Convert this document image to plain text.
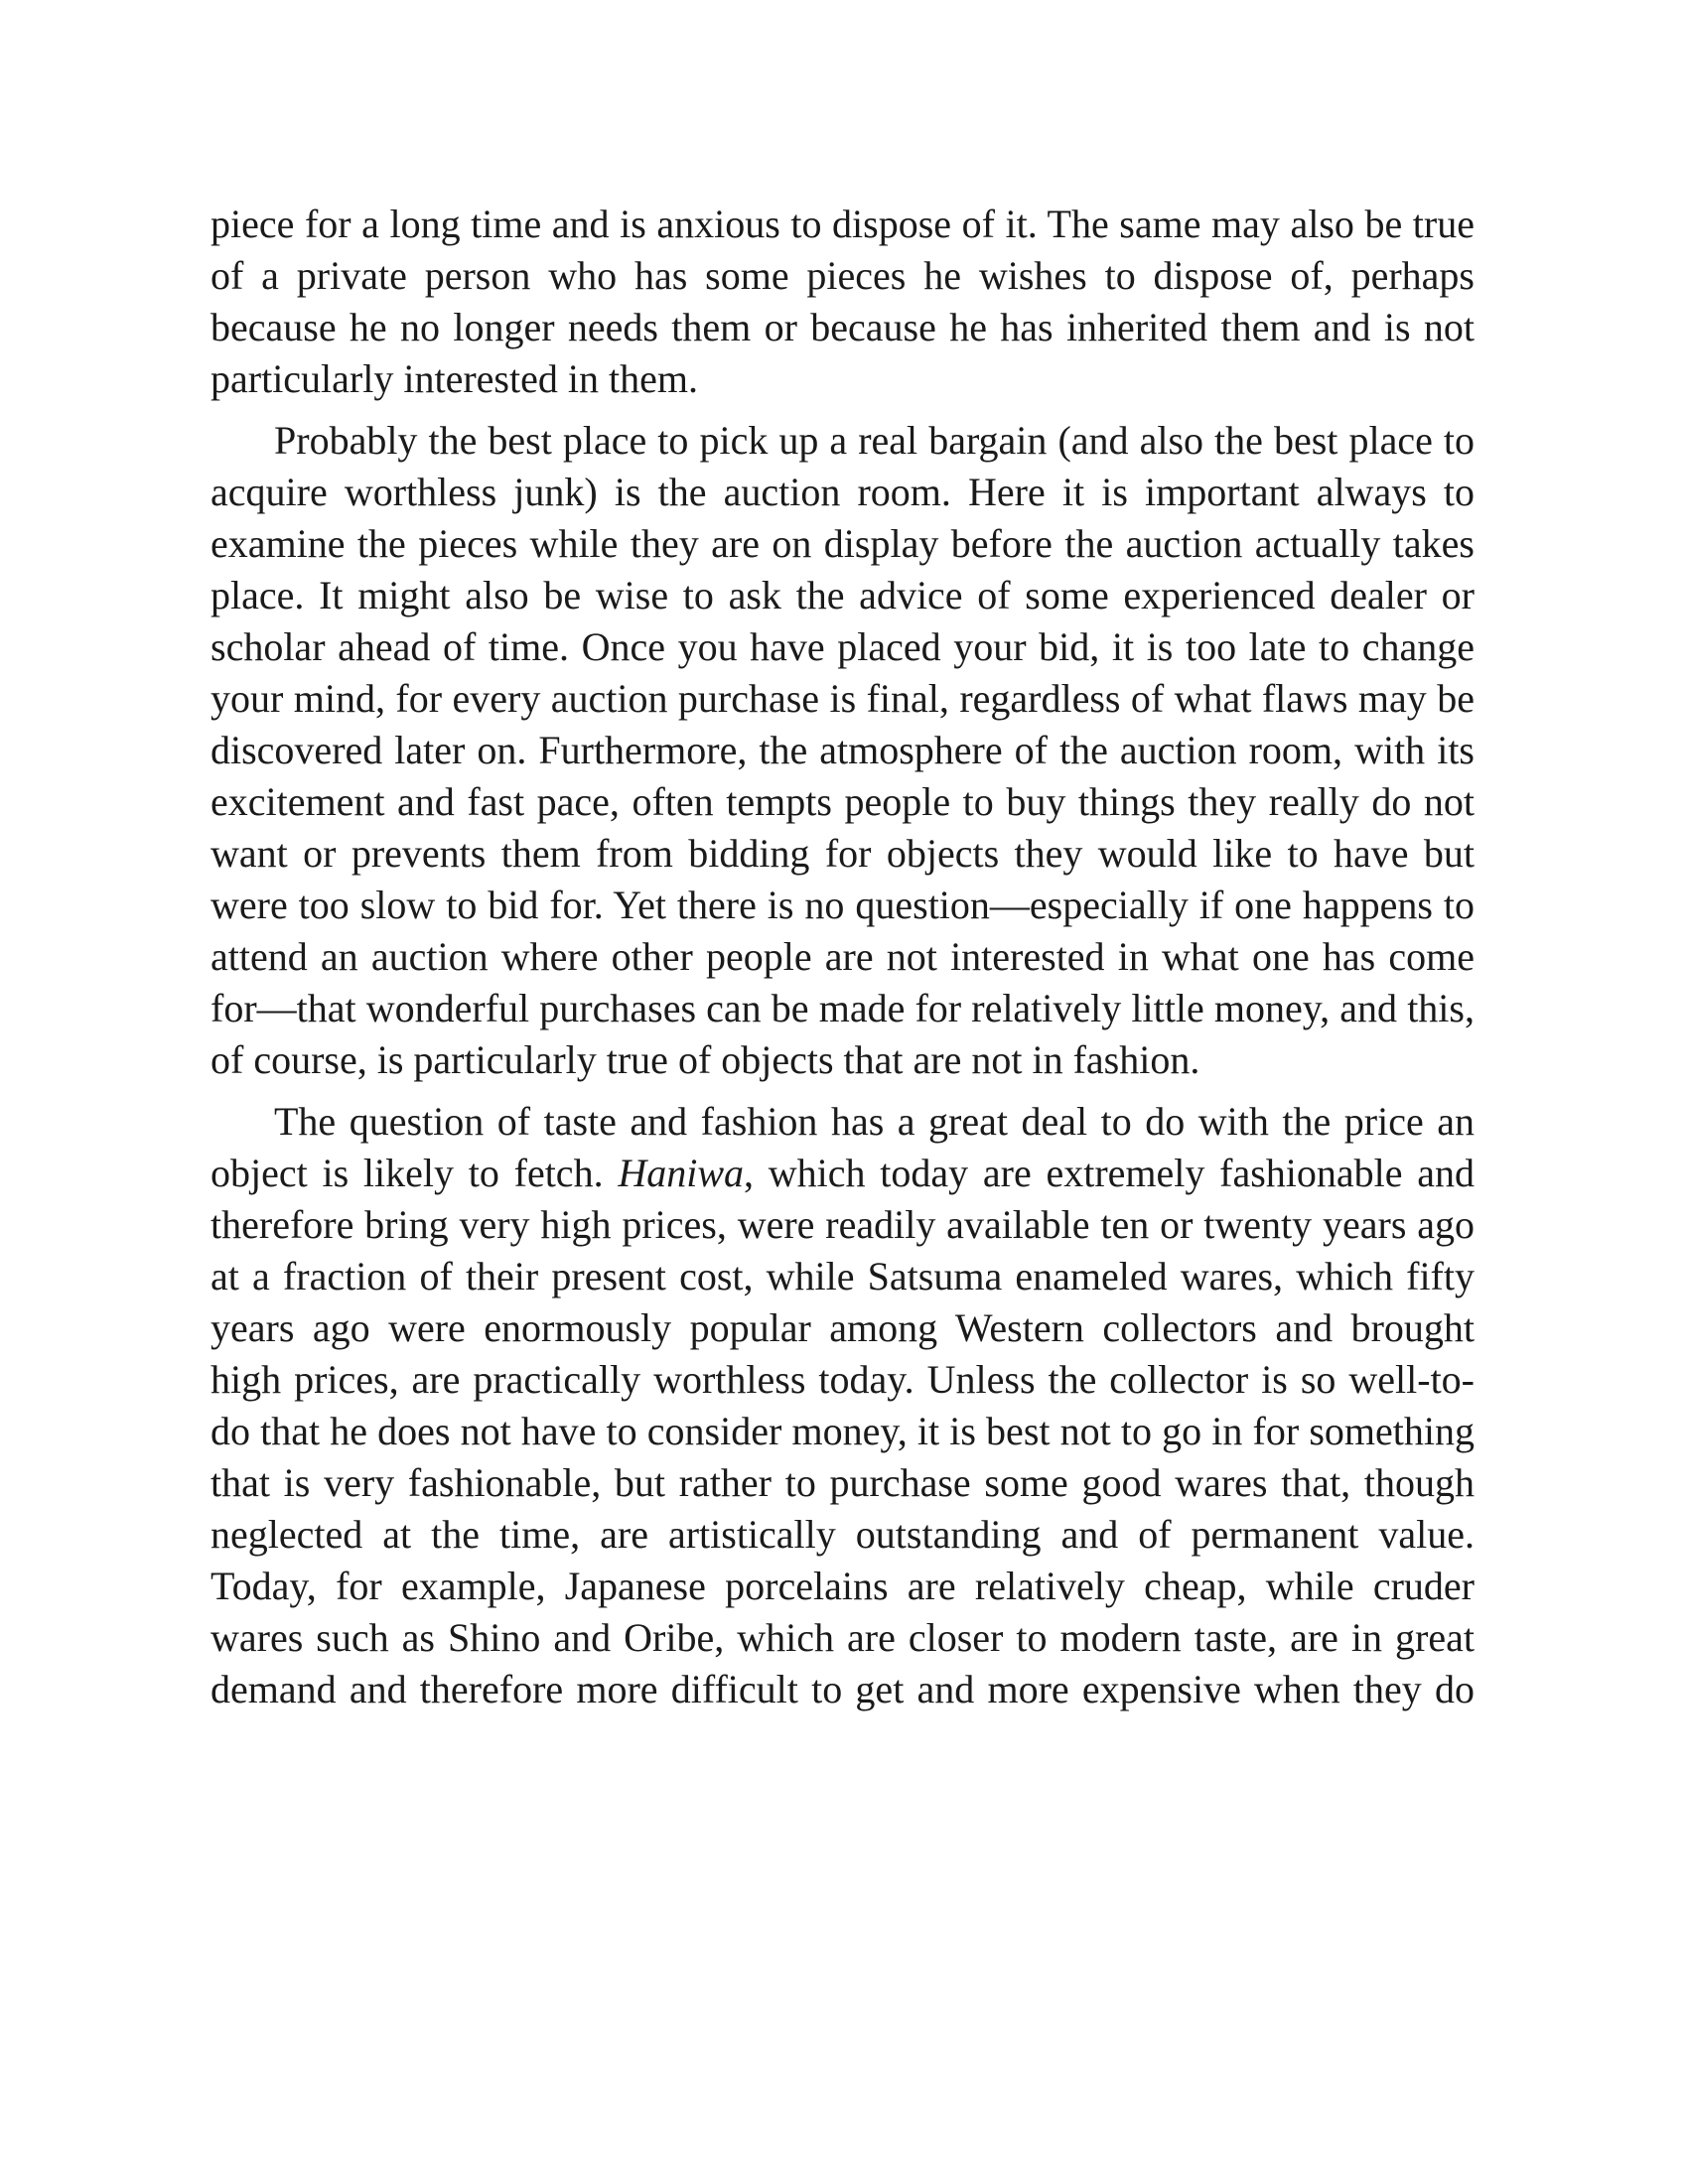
piece for a long time and is anxious to dispose of it. The same may also be true of a private person who has some pieces he wishes to dispose of, perhaps because he no longer needs them or because he has inherited them and is not particularly interested in them.

Probably the best place to pick up a real bargain (and also the best place to acquire worthless junk) is the auction room. Here it is important always to examine the pieces while they are on display before the auction actually takes place. It might also be wise to ask the advice of some experienced dealer or scholar ahead of time. Once you have placed your bid, it is too late to change your mind, for every auction purchase is final, regardless of what flaws may be discovered later on. Furthermore, the atmosphere of the auction room, with its excitement and fast pace, often tempts people to buy things they really do not want or prevents them from bidding for objects they would like to have but were too slow to bid for. Yet there is no question—especially if one happens to attend an auction where other people are not interested in what one has come for—that wonderful purchases can be made for relatively little money, and this, of course, is particularly true of objects that are not in fashion.

The question of taste and fashion has a great deal to do with the price an object is likely to fetch. Haniwa, which today are extremely fashionable and therefore bring very high prices, were readily available ten or twenty years ago at a fraction of their present cost, while Satsuma enameled wares, which fifty years ago were enormously popular among Western collectors and brought high prices, are practically worthless today. Unless the collector is so well-to-do that he does not have to consider money, it is best not to go in for something that is very fashionable, but rather to purchase some good wares that, though neglected at the time, are artistically outstanding and of permanent value. Today, for example, Japanese porcelains are relatively cheap, while cruder wares such as Shino and Oribe, which are closer to modern taste, are in great demand and therefore more difficult to get and more expensive when they do
